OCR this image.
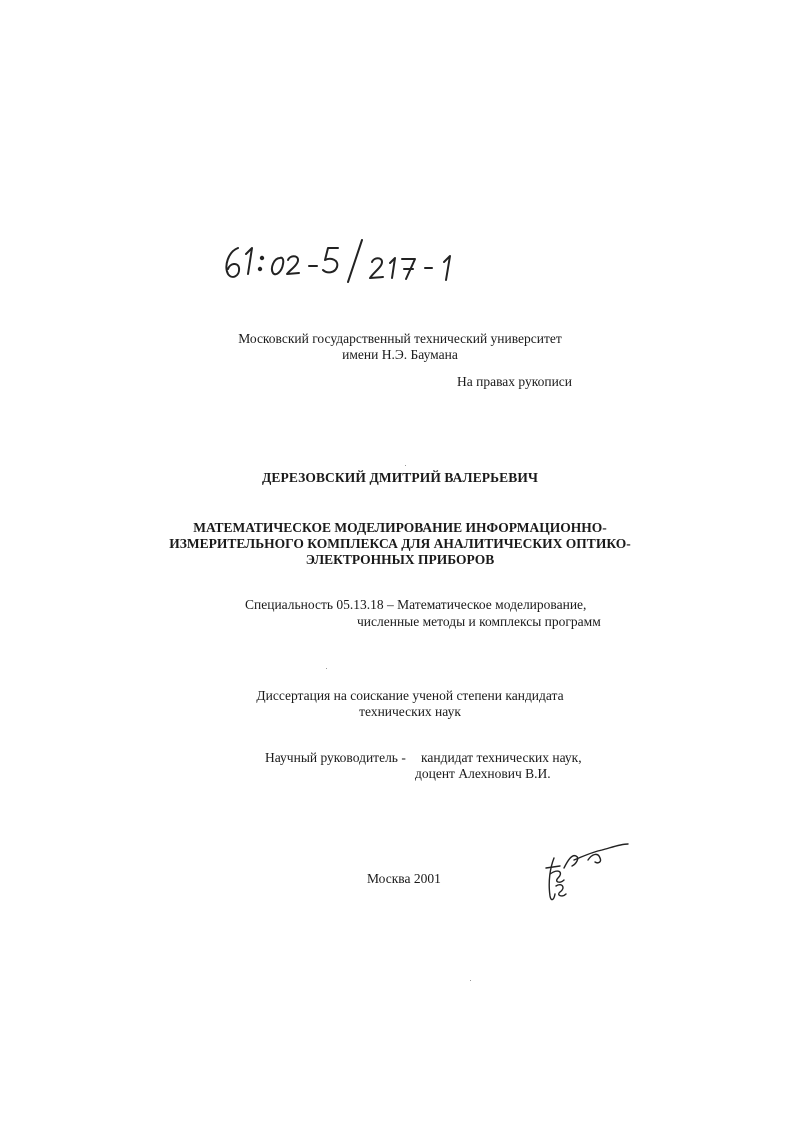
Московский государственный технический университет
имени Н.Э. Баумана
На правах рукописи
ДЕРЕЗОВСКИЙ ДМИТРИЙ ВАЛЕРЬЕВИЧ
МАТЕМАТИЧЕСКОЕ МОДЕЛИРОВАНИЕ ИНФОРМАЦИОННО-
ИЗМЕРИТЕЛЬНОГО КОМПЛЕКСА ДЛЯ АНАЛИТИЧЕСКИХ ОПТИКО-
ЭЛЕКТРОННЫХ ПРИБОРОВ
Специальность 05.13.18 – Математическое моделирование,
численные методы и комплексы программ
Диссертация на соискание ученой степени кандидата
технических наук
Научный руководитель - кандидат технических наук,
доцент Алехнович В.И.
Москва 2001
